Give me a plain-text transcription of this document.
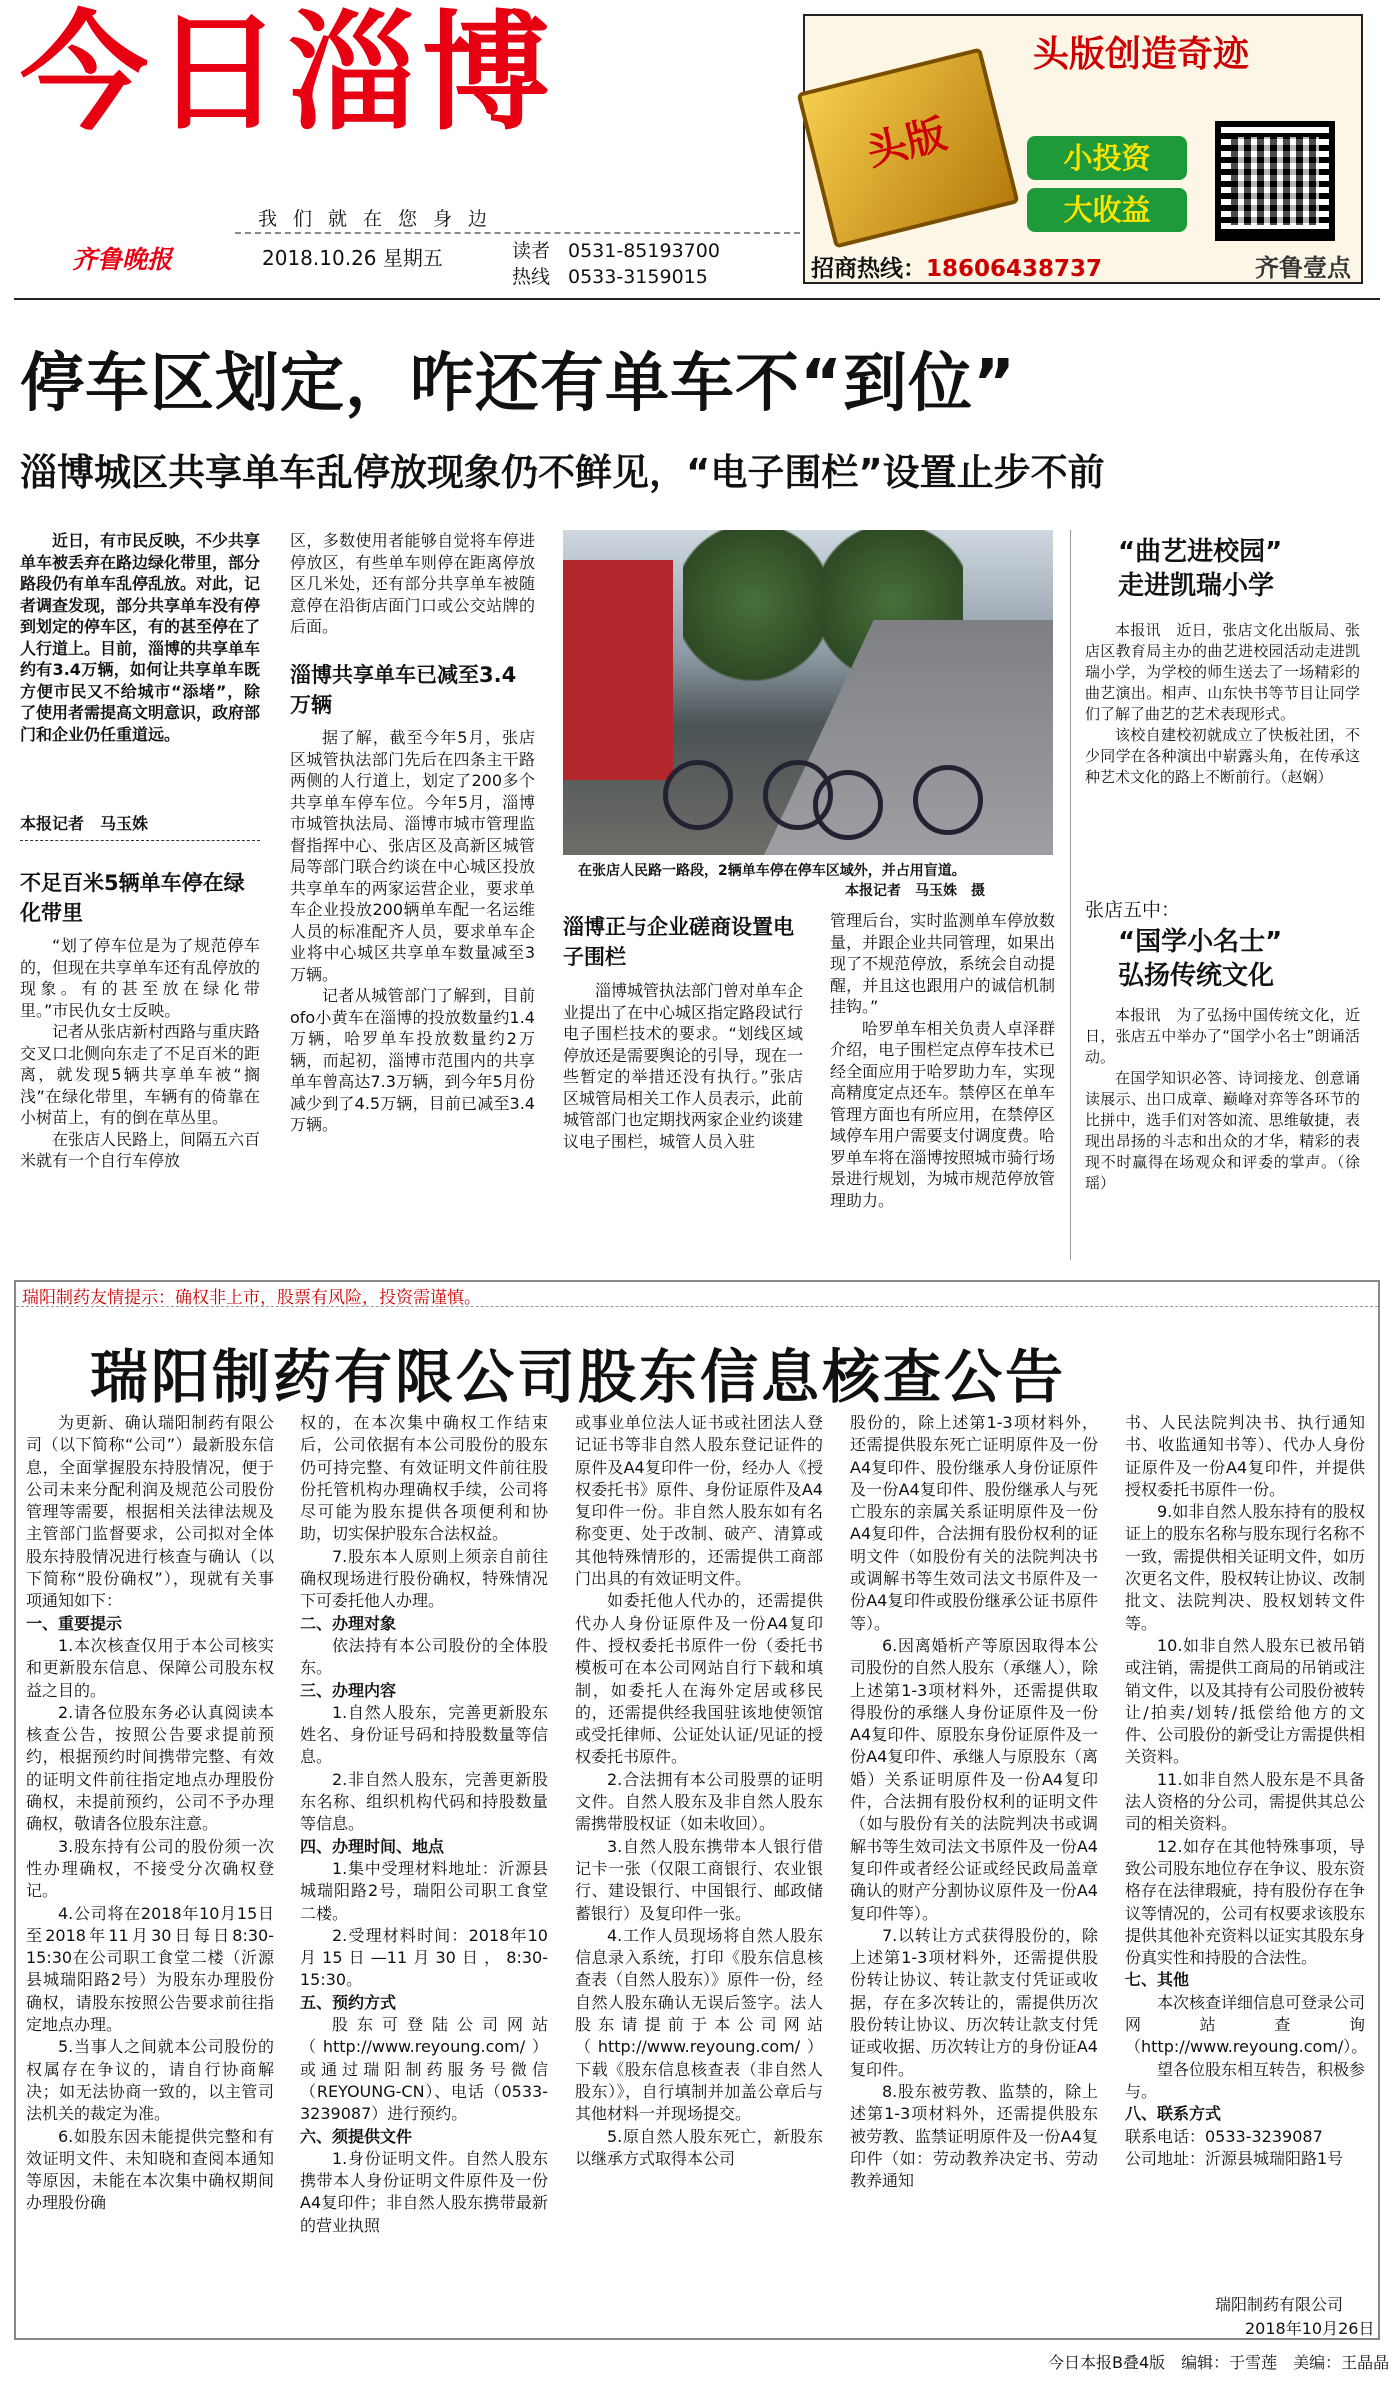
今日淄博
我们就在您身边
齐鲁晚报	2018.10.26 星期五	读者
热线
0531-85193700
0533-3159015
头版创造奇迹
头版	小投资
大收益
招商热线：18606438737	齐鲁壹点
停车区划定，咋还有单车不“到位”
淄博城区共享单车乱停放现象仍不鲜见，“电子围栏”设置止步不前

近日，有市民反映，不少共享单车被丢弃在路边绿化带里，部分路段仍有单车乱停乱放。对此，记者调查发现，部分共享单车没有停到划定的停车区，有的甚至停在了人行道上。目前，淄博的共享单车约有3.4万辆，如何让共享单车既方便市民又不给城市“添堵”，除了使用者需提高文明意识，政府部门和企业仍任重道远。

本报记者　马玉姝
不足百米5辆单车停在绿化带里

“划了停车位是为了规范停车的，但现在共享单车还有乱停放的现象。有的甚至放在绿化带里。”市民仇女士反映。

记者从张店新村西路与重庆路交叉口北侧向东走了不足百米的距离，就发现5辆共享单车被“搁浅”在绿化带里，车辆有的倚靠在小树苗上，有的倒在草丛里。

在张店人民路上，间隔五六百米就有一个自行车停放

区，多数使用者能够自觉将车停进停放区，有些单车则停在距离停放区几米处，还有部分共享单车被随意停在沿街店面门口或公交站牌的后面。

淄博共享单车已减至3.4万辆

据了解，截至今年5月，张店区城管执法部门先后在四条主干路两侧的人行道上，划定了200多个共享单车停车位。今年5月，淄博市城管执法局、淄博市城市管理监督指挥中心、张店区及高新区城管局等部门联合约谈在中心城区投放共享单车的两家运营企业，要求单车企业投放200辆单车配一名运维人员的标准配齐人员，要求单车企业将中心城区共享单车数量减至3万辆。

记者从城管部门了解到，目前ofo小黄车在淄博的投放数量约1.4万辆，哈罗单车投放数量约2万辆，而起初，淄博市范围内的共享单车曾高达7.3万辆，到今年5月份减少到了4.5万辆，目前已减至3.4万辆。

在张店人民路一路段，2辆单车停在停车区域外，并占用盲道。
本报记者　马玉姝　摄
淄博正与企业磋商设置电子围栏

淄博城管执法部门曾对单车企业提出了在中心城区指定路段试行电子围栏技术的要求。“划线区域停放还是需要舆论的引导，现在一些暂定的举措还没有执行。”张店区城管局相关工作人员表示，此前城管部门也定期找两家企业约谈建议电子围栏，城管人员入驻

管理后台，实时监测单车停放数量，并跟企业共同管理，如果出现了不规范停放，系统会自动提醒，并且这也跟用户的诚信机制挂钩。”

哈罗单车相关负责人卓泽群介绍，电子围栏定点停车技术已经全面应用于哈罗助力车，实现高精度定点还车。禁停区在单车管理方面也有所应用，在禁停区域停车用户需要支付调度费。哈罗单车将在淄博按照城市骑行场景进行规划，为城市规范停放管理助力。

“曲艺进校园”
走进凯瑞小学

本报讯　近日，张店文化出版局、张店区教育局主办的曲艺进校园活动走进凯瑞小学，为学校的师生送去了一场精彩的曲艺演出。相声、山东快书等节目让同学们了解了曲艺的艺术表现形式。

该校自建校初就成立了快板社团，不少同学在各种演出中崭露头角，在传承这种艺术文化的路上不断前行。（赵娴）

张店五中：
“国学小名士”
弘扬传统文化

本报讯　为了弘扬中国传统文化，近日，张店五中举办了“国学小名士”朗诵活动。

在国学知识必答、诗词接龙、创意诵读展示、出口成章、巅峰对弈等各环节的比拼中，选手们对答如流、思维敏捷，表现出昂扬的斗志和出众的才华，精彩的表现不时赢得在场观众和评委的掌声。（徐瑶）

瑞阳制药友情提示：确权非上市，股票有风险，投资需谨慎。
瑞阳制药有限公司股东信息核查公告

为更新、确认瑞阳制药有限公司（以下简称“公司”）最新股东信息，全面掌握股东持股情况，便于公司未来分配利润及规范公司股份管理等需要，根据相关法律法规及主管部门监督要求，公司拟对全体股东持股情况进行核查与确认（以下简称“股份确权”），现就有关事项通知如下：

一、重要提示

1.本次核查仅用于本公司核实和更新股东信息、保障公司股东权益之目的。

2.请各位股东务必认真阅读本核查公告，按照公告要求提前预约，根据预约时间携带完整、有效的证明文件前往指定地点办理股份确权，未提前预约，公司不予办理确权，敬请各位股东注意。

3.股东持有公司的股份须一次性办理确权，不接受分次确权登记。

4.公司将在2018年10月15日至2018年11月30日每日8:30-15:30在公司职工食堂二楼（沂源县城瑞阳路2号）为股东办理股份确权，请股东按照公告要求前往指定地点办理。

5.当事人之间就本公司股份的权属存在争议的，请自行协商解决；如无法协商一致的，以主管司法机关的裁定为准。

6.如股东因未能提供完整和有效证明文件、未知晓和查阅本通知等原因，未能在本次集中确权期间办理股份确

权的，在本次集中确权工作结束后，公司依据有本公司股份的股东仍可持完整、有效证明文件前往股份托管机构办理确权手续，公司将尽可能为股东提供各项便利和协助，切实保护股东合法权益。

7.股东本人原则上须亲自前往确权现场进行股份确权，特殊情况下可委托他人办理。

二、办理对象

依法持有本公司股份的全体股东。

三、办理内容

1.自然人股东，完善更新股东姓名、身份证号码和持股数量等信息。

2.非自然人股东，完善更新股东名称、组织机构代码和持股数量等信息。

四、办理时间、地点

1.集中受理材料地址：沂源县城瑞阳路2号，瑞阳公司职工食堂二楼。

2.受理材料时间：2018年10月15日—11月30日，8:30-15:30。

五、预约方式

股东可登陆公司网站（http://www.reyoung.com/）或通过瑞阳制药服务号微信（REYOUNG-CN）、电话（0533-3239087）进行预约。

六、须提供文件

1.身份证明文件。自然人股东携带本人身份证明文件原件及一份A4复印件；非自然人股东携带最新的营业执照

或事业单位法人证书或社团法人登记证书等非自然人股东登记证件的原件及A4复印件一份，经办人《授权委托书》原件、身份证原件及A4复印件一份。非自然人股东如有名称变更、处于改制、破产、清算或其他特殊情形的，还需提供工商部门出具的有效证明文件。

如委托他人代办的，还需提供代办人身份证原件及一份A4复印件、授权委托书原件一份（委托书模板可在本公司网站自行下载和填制，如委托人在海外定居或移民的，还需提供经我国驻该地使领馆或受托律师、公证处认证/见证的授权委托书原件。

2.合法拥有本公司股票的证明文件。自然人股东及非自然人股东需携带股权证（如未收回）。

3.自然人股东携带本人银行借记卡一张（仅限工商银行、农业银行、建设银行、中国银行、邮政储蓄银行）及复印件一张。

4.工作人员现场将自然人股东信息录入系统，打印《股东信息核查表（自然人股东）》原件一份，经自然人股东确认无误后签字。法人股东请提前于本公司网站（http://www.reyoung.com/）下载《股东信息核查表（非自然人股东）》，自行填制并加盖公章后与其他材料一并现场提交。

5.原自然人股东死亡，新股东以继承方式取得本公司

股份的，除上述第1-3项材料外，还需提供股东死亡证明原件及一份A4复印件、股份继承人身份证原件及一份A4复印件、股份继承人与死亡股东的亲属关系证明原件及一份A4复印件，合法拥有股份权利的证明文件（如股份有关的法院判决书或调解书等生效司法文书原件及一份A4复印件或股份继承公证书原件等）。

6.因离婚析产等原因取得本公司股份的自然人股东（承继人），除上述第1-3项材料外，还需提供取得股份的承继人身份证原件及一份A4复印件、原股东身份证原件及一份A4复印件、承继人与原股东（离婚）关系证明原件及一份A4复印件，合法拥有股份权利的证明文件（如与股份有关的法院判决书或调解书等生效司法文书原件及一份A4复印件或者经公证或经民政局盖章确认的财产分割协议原件及一份A4复印件等）。

7.以转让方式获得股份的，除上述第1-3项材料外，还需提供股份转让协议、转让款支付凭证或收据，存在多次转让的，需提供历次股份转让协议、历次转让款支付凭证或收据、历次转让方的身份证A4复印件。

8.股东被劳教、监禁的，除上述第1-3项材料外，还需提供股东被劳教、监禁证明原件及一份A4复印件（如：劳动教养决定书、劳动教养通知

书、人民法院判决书、执行通知书、收监通知书等）、代办人身份证原件及一份A4复印件，并提供授权委托书原件一份。

9.如非自然人股东持有的股权证上的股东名称与股东现行名称不一致，需提供相关证明文件，如历次更名文件，股权转让协议、改制批文、法院判决、股权划转文件等。

10.如非自然人股东已被吊销或注销，需提供工商局的吊销或注销文件，以及其持有公司股份被转让/拍卖/划转/抵偿给他方的文件、公司股份的新受让方需提供相关资料。

11.如非自然人股东是不具备法人资格的分公司，需提供其总公司的相关资料。

12.如存在其他特殊事项，导致公司股东地位存在争议、股东资格存在法律瑕疵，持有股份存在争议等情况的，公司有权要求该股东提供其他补充资料以证实其股东身份真实性和持股的合法性。

七、其他

本次核查详细信息可登录公司网站查询（http://www.reyoung.com/）。

望各位股东相互转告，积极参与。

八、联系方式

联系电话：0533-3239087

公司地址：沂源县城瑞阳路1号

瑞阳制药有限公司
2018年10月26日
今日本报B叠4版　编辑：于雪莲　美编：王晶晶
